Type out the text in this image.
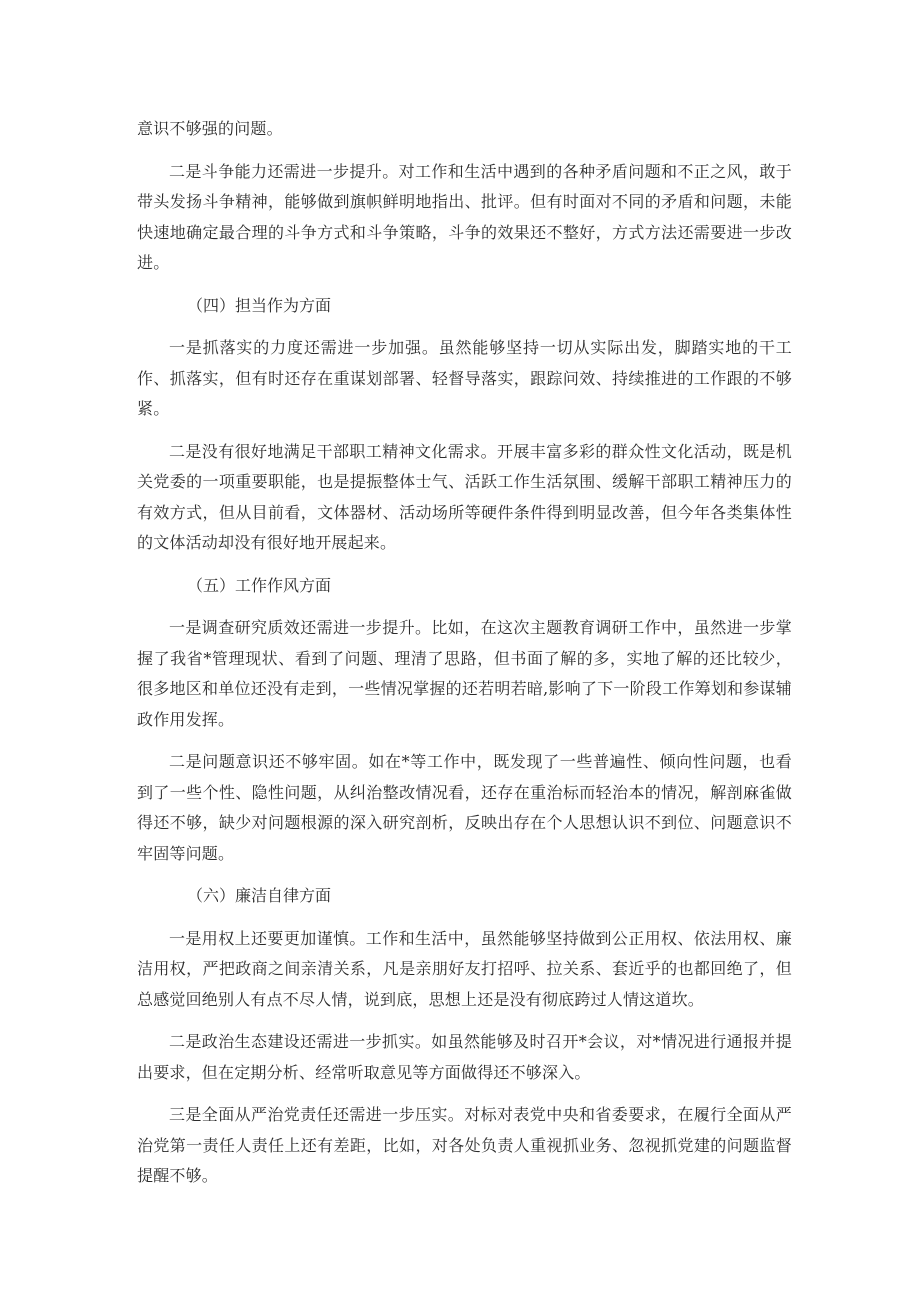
意识不够强的问题。

二是斗争能力还需进一步提升。对工作和生活中遇到的各种矛盾问题和不正之风，敢于带头发扬斗争精神，能够做到旗帜鲜明地指出、批评。但有时面对不同的矛盾和问题，未能快速地确定最合理的斗争方式和斗争策略，斗争的效果还不整好，方式方法还需要进一步改进。

（四）担当作为方面

一是抓落实的力度还需进一步加强。虽然能够坚持一切从实际出发，脚踏实地的干工作、抓落实，但有时还存在重谋划部署、轻督导落实，跟踪问效、持续推进的工作跟的不够紧。

二是没有很好地满足干部职工精神文化需求。开展丰富多彩的群众性文化活动，既是机关党委的一项重要职能，也是提振整体士气、活跃工作生活氛围、缓解干部职工精神压力的有效方式，但从目前看，文体器材、活动场所等硬件条件得到明显改善，但今年各类集体性的文体活动却没有很好地开展起来。

（五）工作作风方面

一是调查研究质效还需进一步提升。比如，在这次主题教育调研工作中，虽然进一步掌握了我省*管理现状、看到了问题、理清了思路，但书面了解的多，实地了解的还比较少，很多地区和单位还没有走到，一些情况掌握的还若明若暗,影响了下一阶段工作筹划和参谋辅政作用发挥。

二是问题意识还不够牢固。如在*等工作中，既发现了一些普遍性、倾向性问题，也看到了一些个性、隐性问题，从纠治整改情况看，还存在重治标而轻治本的情况，解剖麻雀做得还不够，缺少对问题根源的深入研究剖析，反映出存在个人思想认识不到位、问题意识不牢固等问题。

（六）廉洁自律方面

一是用权上还要更加谨慎。工作和生活中，虽然能够坚持做到公正用权、依法用权、廉洁用权，严把政商之间亲清关系，凡是亲朋好友打招呼、拉关系、套近乎的也都回绝了，但总感觉回绝别人有点不尽人情，说到底，思想上还是没有彻底跨过人情这道坎。

二是政治生态建设还需进一步抓实。如虽然能够及时召开*会议，对*情况进行通报并提出要求，但在定期分析、经常听取意见等方面做得还不够深入。

三是全面从严治党责任还需进一步压实。对标对表党中央和省委要求，在履行全面从严治党第一责任人责任上还有差距，比如，对各处负责人重视抓业务、忽视抓党建的问题监督提醒不够。
